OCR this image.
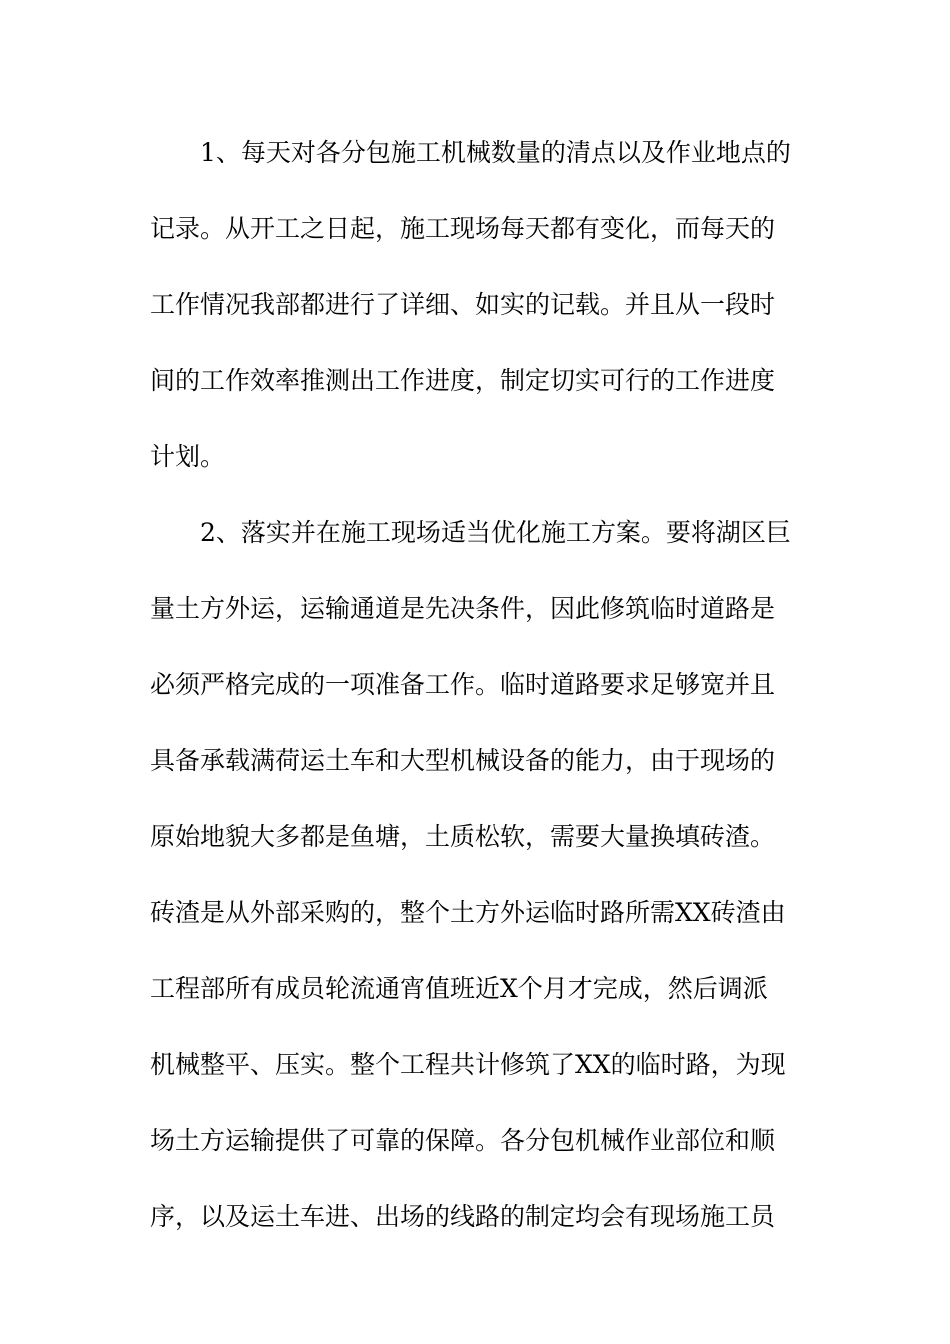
1、每天对各分包施工机械数量的清点以及作业地点的
记录。从开工之日起，施工现场每天都有变化，而每天的
工作情况我部都进行了详细、如实的记载。并且从一段时
间的工作效率推测出工作进度，制定切实可行的工作进度
计划。
2、落实并在施工现场适当优化施工方案。要将湖区巨
量土方外运，运输通道是先决条件，因此修筑临时道路是
必须严格完成的一项准备工作。临时道路要求足够宽并且
具备承载满荷运土车和大型机械设备的能力，由于现场的
原始地貌大多都是鱼塘，土质松软，需要大量换填砖渣。
砖渣是从外部采购的，整个土方外运临时路所需XX砖渣由
工程部所有成员轮流通宵值班近X个月才完成，然后调派
机械整平、压实。整个工程共计修筑了XX的临时路，为现
场土方运输提供了可靠的保障。各分包机械作业部位和顺
序，以及运土车进、出场的线路的制定均会有现场施工员
